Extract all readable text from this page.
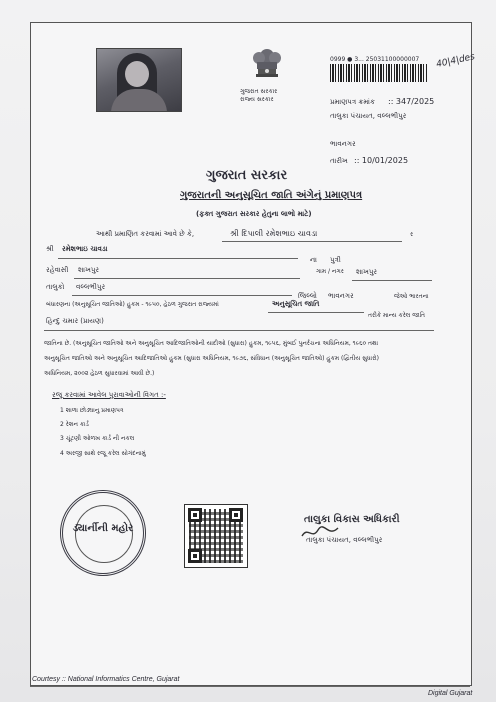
ગુજરાત સરકાર
રાજ્ય સરકાર
0999 ● 3... 25031100000007 40|4|des
પ્રમાણપત્ર ક્રમાંક :: 347/2025
તાલુકા પંચાયત, વલ્લભીપુર
ભાવનગર
તારીખ :: 10/01/2025
ગુજરાત સરકાર
ગુજરાતની અનુસૂચિત જાતિ અંગેનું પ્રમાણપત્ર
(ફક્ત ગુજરાત સરકાર હેતુના લાભો માટે)
આથી પ્રમાણિત કરવામાં આવે છે કે,	શ્રી દિપાલી રમેશભાઇ ચાવડા	ર
શ્રી રમેશભાઇ ચાવડા
ના પુત્રી
રહેવાસી શાખપુર	ગામ / નગર શાખપુર
તાલુકો વલ્લભીપુર
જિલ્લો ભાવનગર	જેઓ ભારતના
બંધારણના (અનુસૂચિત જાતિઓ) હુકમ - ૧૯૫૦, હેઠળ ગુજરાત રાજ્યમાં	અનુસૂચિત જાતિ
તરીકે માન્ય કરેલ જાતિ
હિન્દુ ચમાર (પ્રાયણ)
જાતિના છે. (અનુસૂચિત જાતિઓ અને અનુસૂચિત આદિજાતિઓની યાદીઓ (સુધારા) હુકમ, ૧૯૫૬, મુંબઈ પુનર્રચના અધિનિયમ, ૧૯૬૦ તથા
અનુસૂચિત જાતિઓ અને અનુસૂચિત આદિજાતિઓ હુકમ (સુધારા અધિનિયમ, ૧૯૭૬, સંવિધાન (અનુસૂચિત જાતિઓ) હુકમ (દ્વિતીય સુધારો)
અધિનિયમ, ૨૦૦૨ હેઠળ સુધારવામાં આવી છે.)
રજૂ કરવામાં આવેલ પુરાવાઓની વિગત :-
1 શાળા છોડ્યાનુ પ્રમાણપત્ર
2 રેશન કાર્ડ
3 ચૂંટણી ઓળખ કાર્ડ ની નકલ
4 અરજી સાથે રજૂ કરેલ સોગંદનામું
ડ્યાર્નીની મહોર
તાલુકા વિકાસ અધિકારી
તાલુકા પંચાયત, વલ્લભીપુર
Courtesy :: National Informatics Centre, Gujarat
Digital Gujarat
